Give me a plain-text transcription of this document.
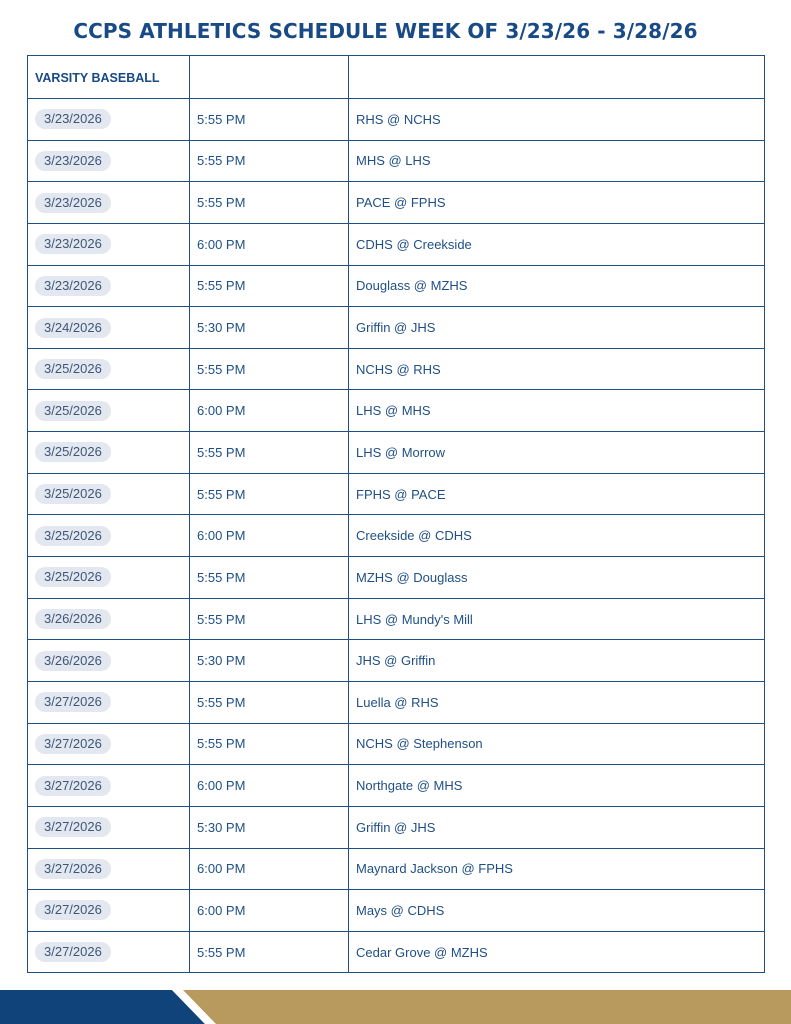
CCPS ATHLETICS SCHEDULE WEEK OF 3/23/26 - 3/28/26
VARSITY BASEBALL		
3/23/2026	5:55 PM	RHS @ NCHS
3/23/2026	5:55 PM	MHS @ LHS
3/23/2026	5:55 PM	PACE @ FPHS
3/23/2026	6:00 PM	CDHS @ Creekside
3/23/2026	5:55 PM	Douglass @ MZHS
3/24/2026	5:30 PM	Griffin @ JHS
3/25/2026	5:55 PM	NCHS @ RHS
3/25/2026	6:00 PM	LHS @ MHS
3/25/2026	5:55 PM	LHS @ Morrow
3/25/2026	5:55 PM	FPHS @ PACE
3/25/2026	6:00 PM	Creekside @ CDHS
3/25/2026	5:55 PM	MZHS @ Douglass
3/26/2026	5:55 PM	LHS @ Mundy's Mill
3/26/2026	5:30 PM	JHS @ Griffin
3/27/2026	5:55 PM	Luella @ RHS
3/27/2026	5:55 PM	NCHS @ Stephenson
3/27/2026	6:00 PM	Northgate @ MHS
3/27/2026	5:30 PM	Griffin @ JHS
3/27/2026	6:00 PM	Maynard Jackson @ FPHS
3/27/2026	6:00 PM	Mays @ CDHS
3/27/2026	5:55 PM	Cedar Grove @ MZHS
